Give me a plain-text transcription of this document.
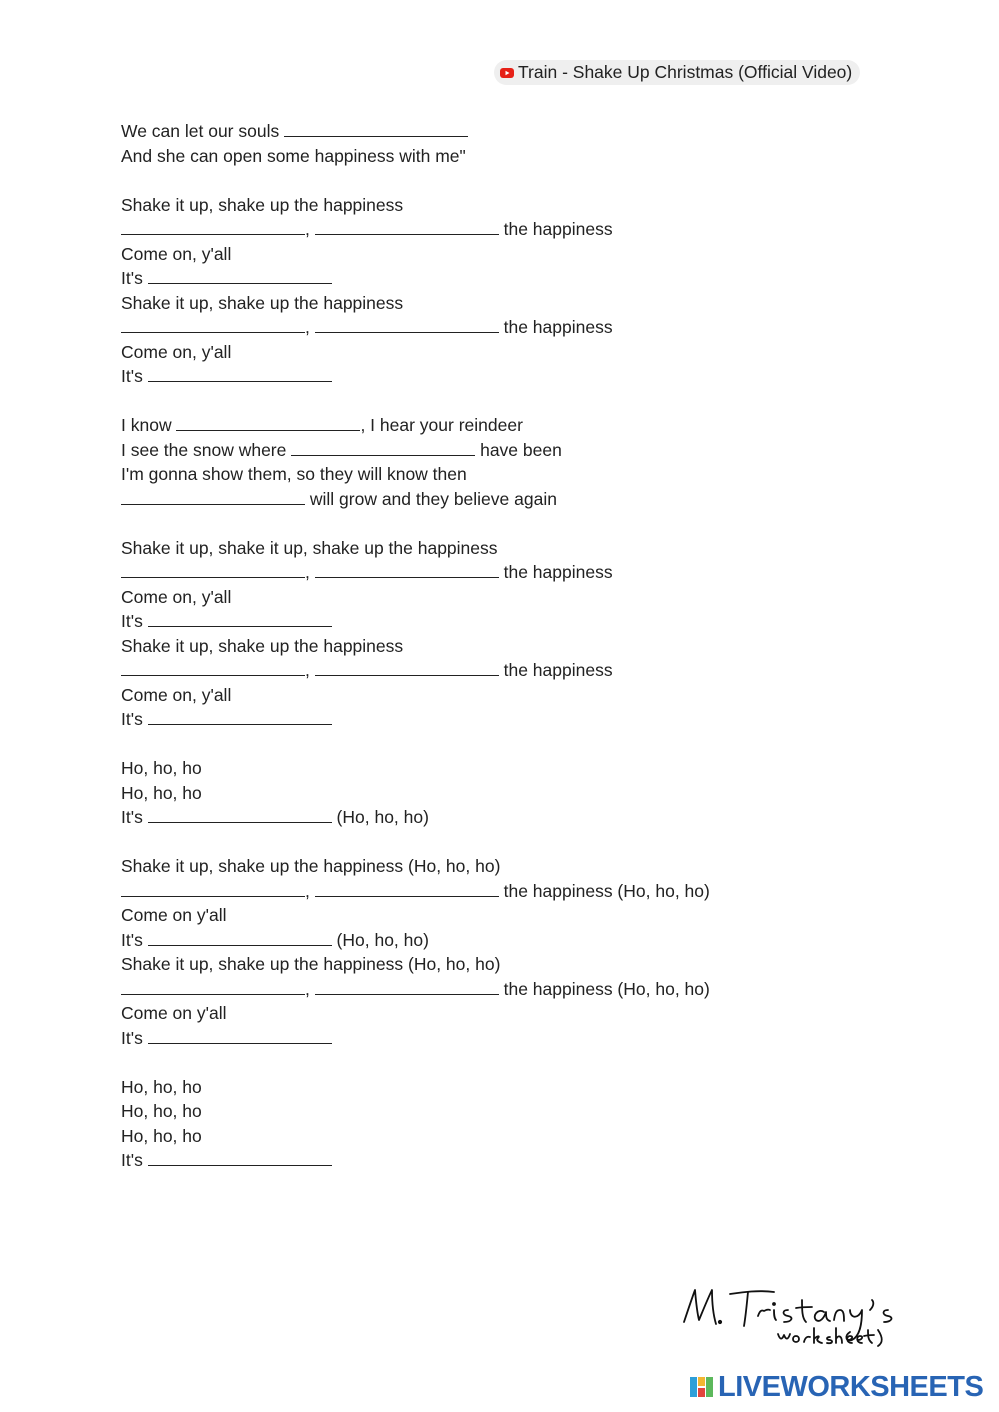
Train - Shake Up Christmas (Official Video)
We can let our souls
And she can open some happiness with me"
Shake it up, shake up the happiness
,	the happiness
Come on, y'all
It's
Shake it up, shake up the happiness
,	the happiness
Come on, y'all
It's
I know	, I hear your reindeer
I see the snow where	have been
I'm gonna show them, so they will know then
will grow and they believe again
Shake it up, shake it up, shake up the happiness
,	the happiness
Come on, y'all
It's
Shake it up, shake up the happiness
,	the happiness
Come on, y'all
It's
Ho, ho, ho
Ho, ho, ho
It's	(Ho, ho, ho)
Shake it up, shake up the happiness (Ho, ho, ho)
,	the happiness (Ho, ho, ho)
Come on y'all
It's	(Ho, ho, ho)
Shake it up, shake up the happiness (Ho, ho, ho)
,	the happiness (Ho, ho, ho)
Come on y'all
It's
Ho, ho, ho
Ho, ho, ho
Ho, ho, ho
It's
LIVEWORKSHEETS
